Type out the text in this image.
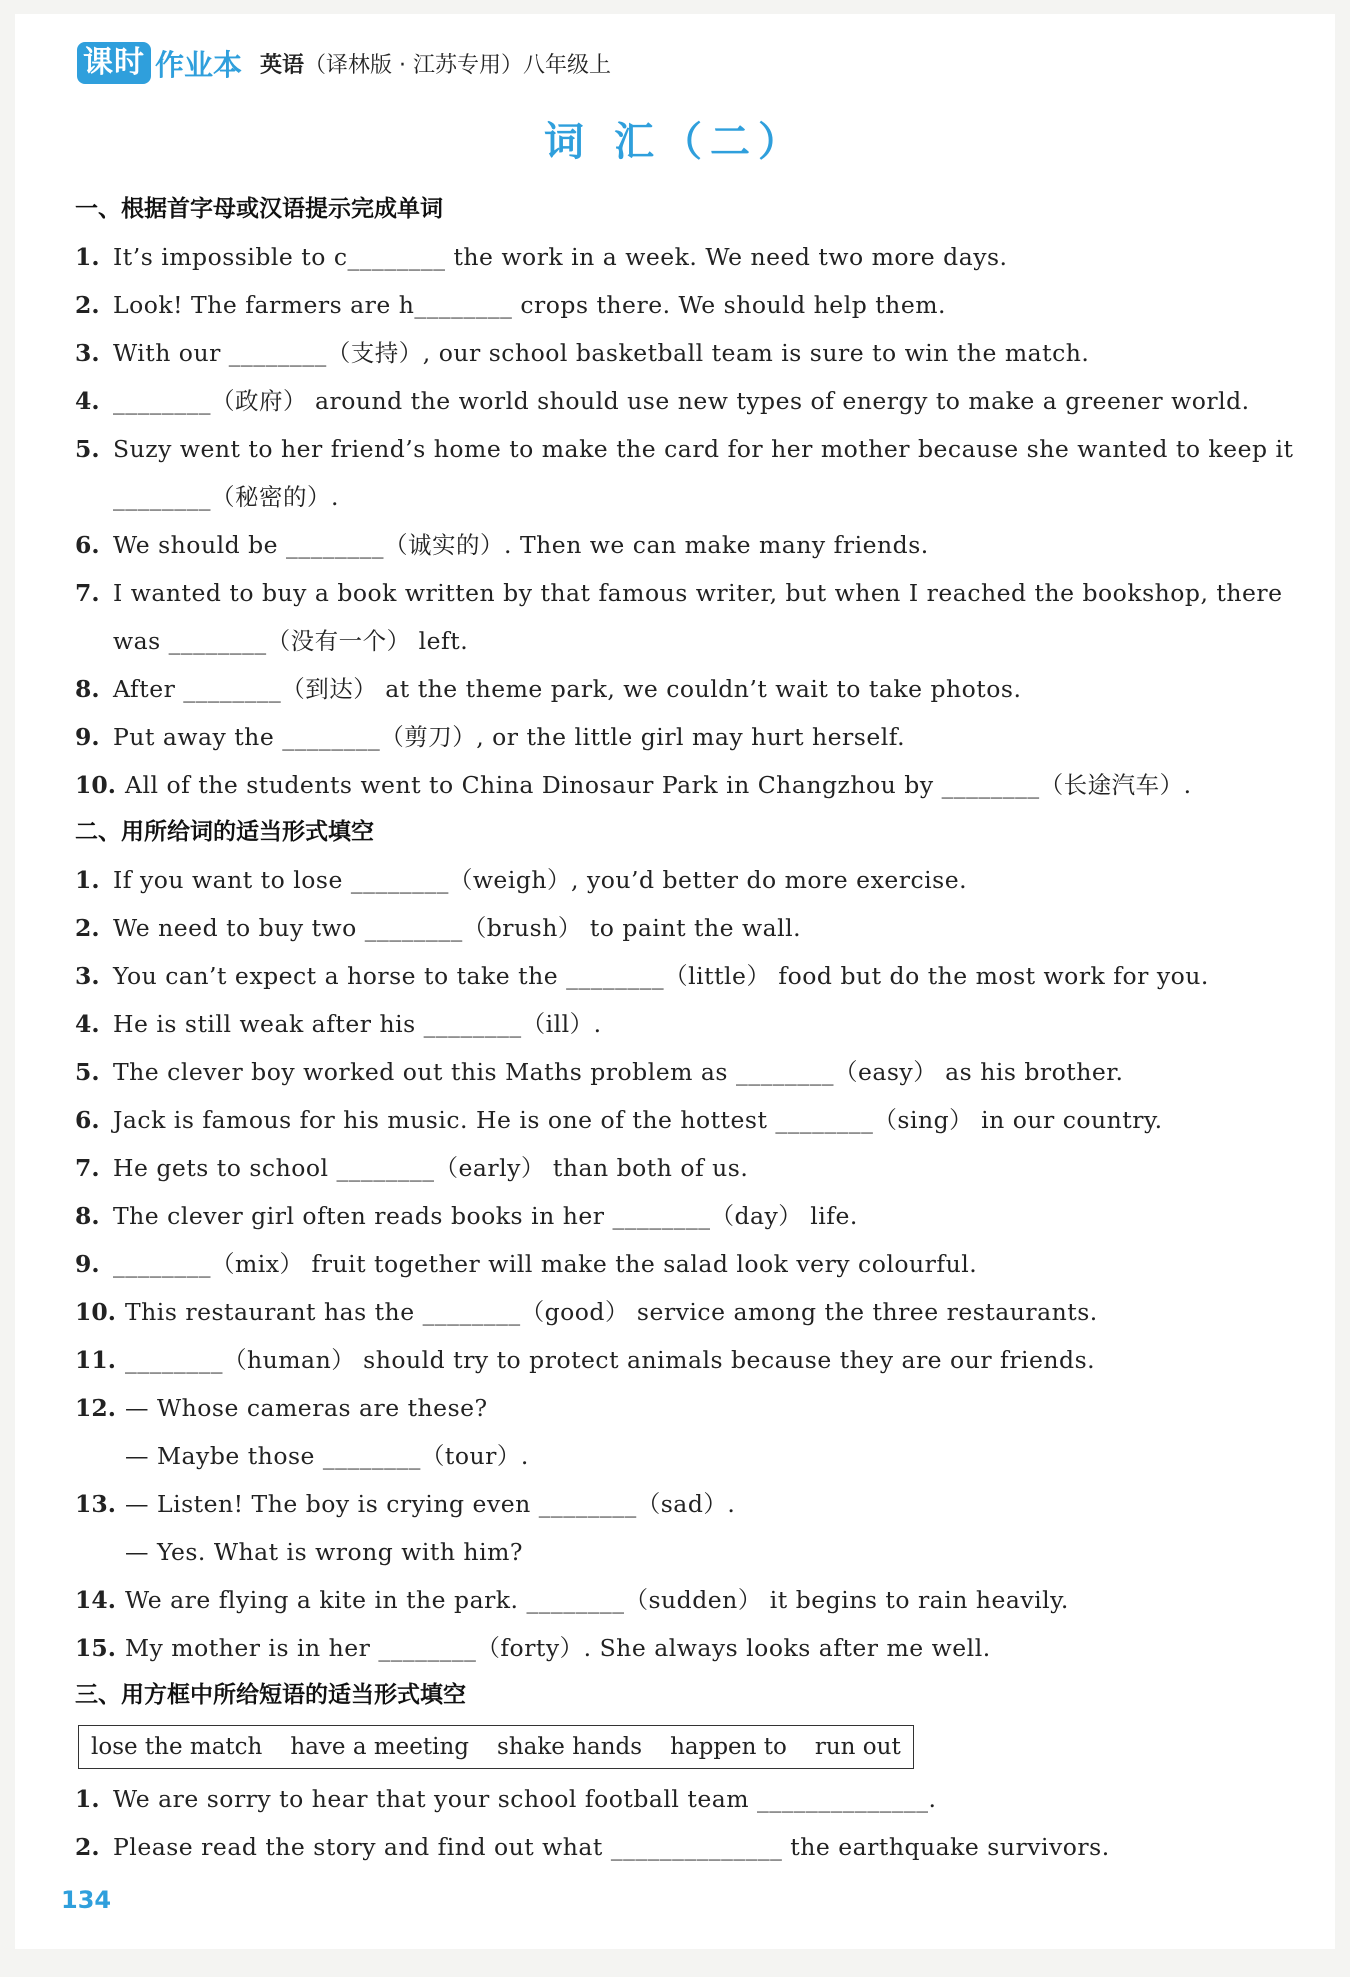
课时 作业本 英语（译林版 · 江苏专用）八年级上
词 汇（二）
一、根据首字母或汉语提示完成单词
1. It’s impossible to c________ the work in a week. We need two more days.
2. Look! The farmers are h________ crops there. We should help them.
3. With our ________（支持）, our school basketball team is sure to win the match.
4. ________（政府） around the world should use new types of energy to make a greener world.
5. Suzy went to her friend’s home to make the card for her mother because she wanted to keep it
________（秘密的）.
6. We should be ________（诚实的）. Then we can make many friends.
7. I wanted to buy a book written by that famous writer, but when I reached the bookshop, there
was ________（没有一个） left.
8. After ________（到达） at the theme park, we couldn’t wait to take photos.
9. Put away the ________（剪刀）, or the little girl may hurt herself.
10. All of the students went to China Dinosaur Park in Changzhou by ________（长途汽车）.
二、用所给词的适当形式填空
1. If you want to lose ________（weigh）, you’d better do more exercise.
2. We need to buy two ________（brush） to paint the wall.
3. You can’t expect a horse to take the ________（little） food but do the most work for you.
4. He is still weak after his ________（ill）.
5. The clever boy worked out this Maths problem as ________（easy） as his brother.
6. Jack is famous for his music. He is one of the hottest ________（sing） in our country.
7. He gets to school ________（early） than both of us.
8. The clever girl often reads books in her ________（day） life.
9. ________（mix） fruit together will make the salad look very colourful.
10. This restaurant has the ________（good） service among the three restaurants.
11. ________（human） should try to protect animals because they are our friends.
12. — Whose cameras are these?
— Maybe those ________（tour）.
13. — Listen! The boy is crying even ________（sad）.
— Yes. What is wrong with him?
14. We are flying a kite in the park. ________（sudden） it begins to rain heavily.
15. My mother is in her ________（forty）. She always looks after me well.
三、用方框中所给短语的适当形式填空
lose the match have a meeting shake hands happen to run out
1. We are sorry to hear that your school football team ______________.
2. Please read the story and find out what ______________ the earthquake survivors.
134
